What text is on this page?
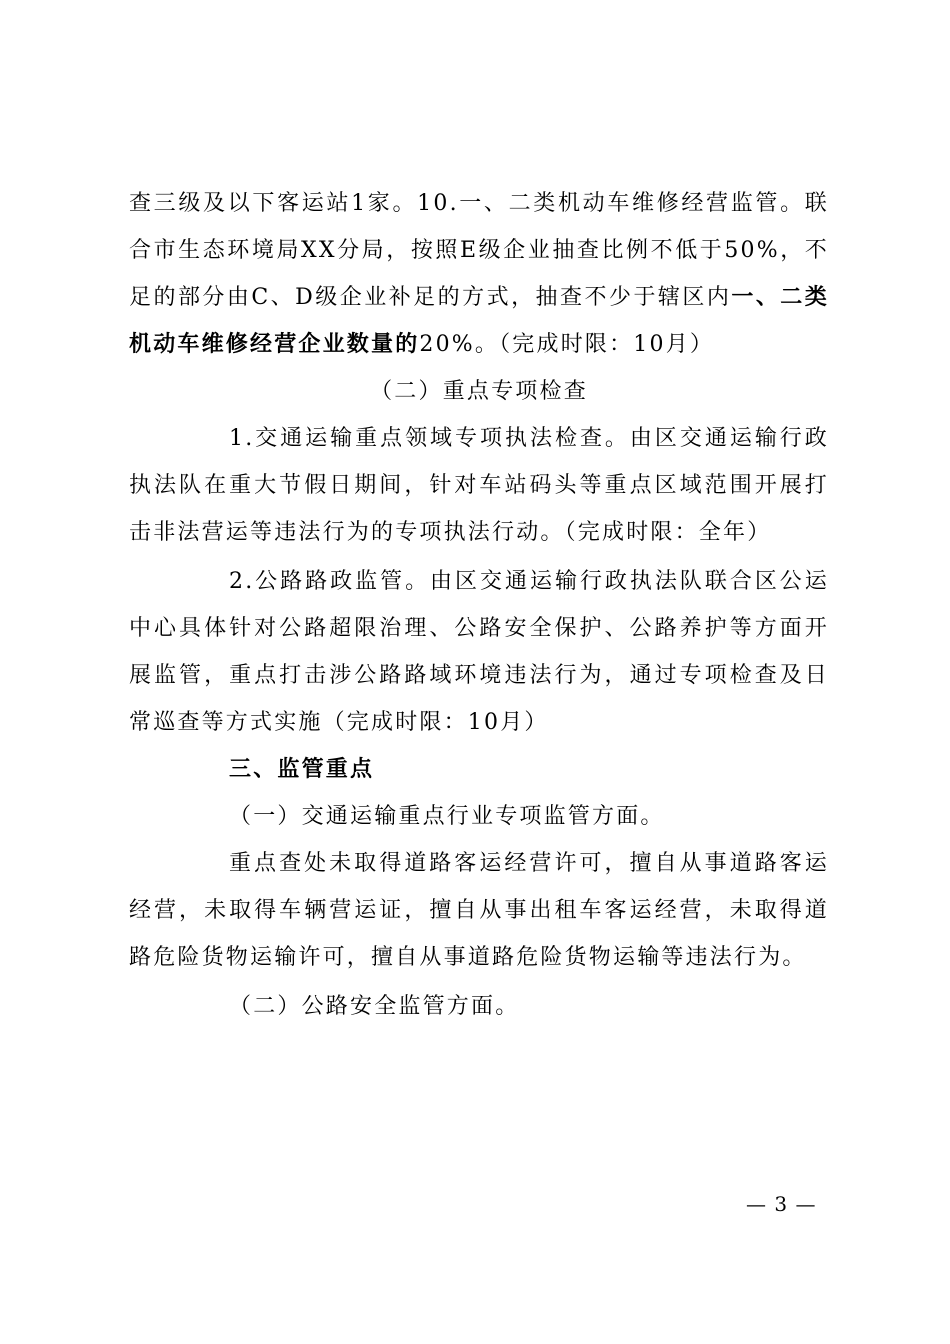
查三级及以下客运站1家。10.一、二类机动车维修经营监管。联合市生态环境局XX分局，按照E级企业抽查比例不低于50%，不足的部分由C、D级企业补足的方式，抽查不少于辖区内一、二类机动车维修经营企业数量的20%。（完成时限：10月）

（二）重点专项检查

1.交通运输重点领域专项执法检查。由区交通运输行政执法队在重大节假日期间，针对车站码头等重点区域范围开展打击非法营运等违法行为的专项执法行动。（完成时限：全年）

2.公路路政监管。由区交通运输行政执法队联合区公运中心具体针对公路超限治理、公路安全保护、公路养护等方面开展监管，重点打击涉公路路域环境违法行为，通过专项检查及日常巡查等方式实施（完成时限：10月）

三、监管重点

（一）交通运输重点行业专项监管方面。

重点查处未取得道路客运经营许可，擅自从事道路客运经营，未取得车辆营运证，擅自从事出租车客运经营，未取得道路危险货物运输许可，擅自从事道路危险货物运输等违法行为。

（二）公路安全监管方面。

— 3 —
